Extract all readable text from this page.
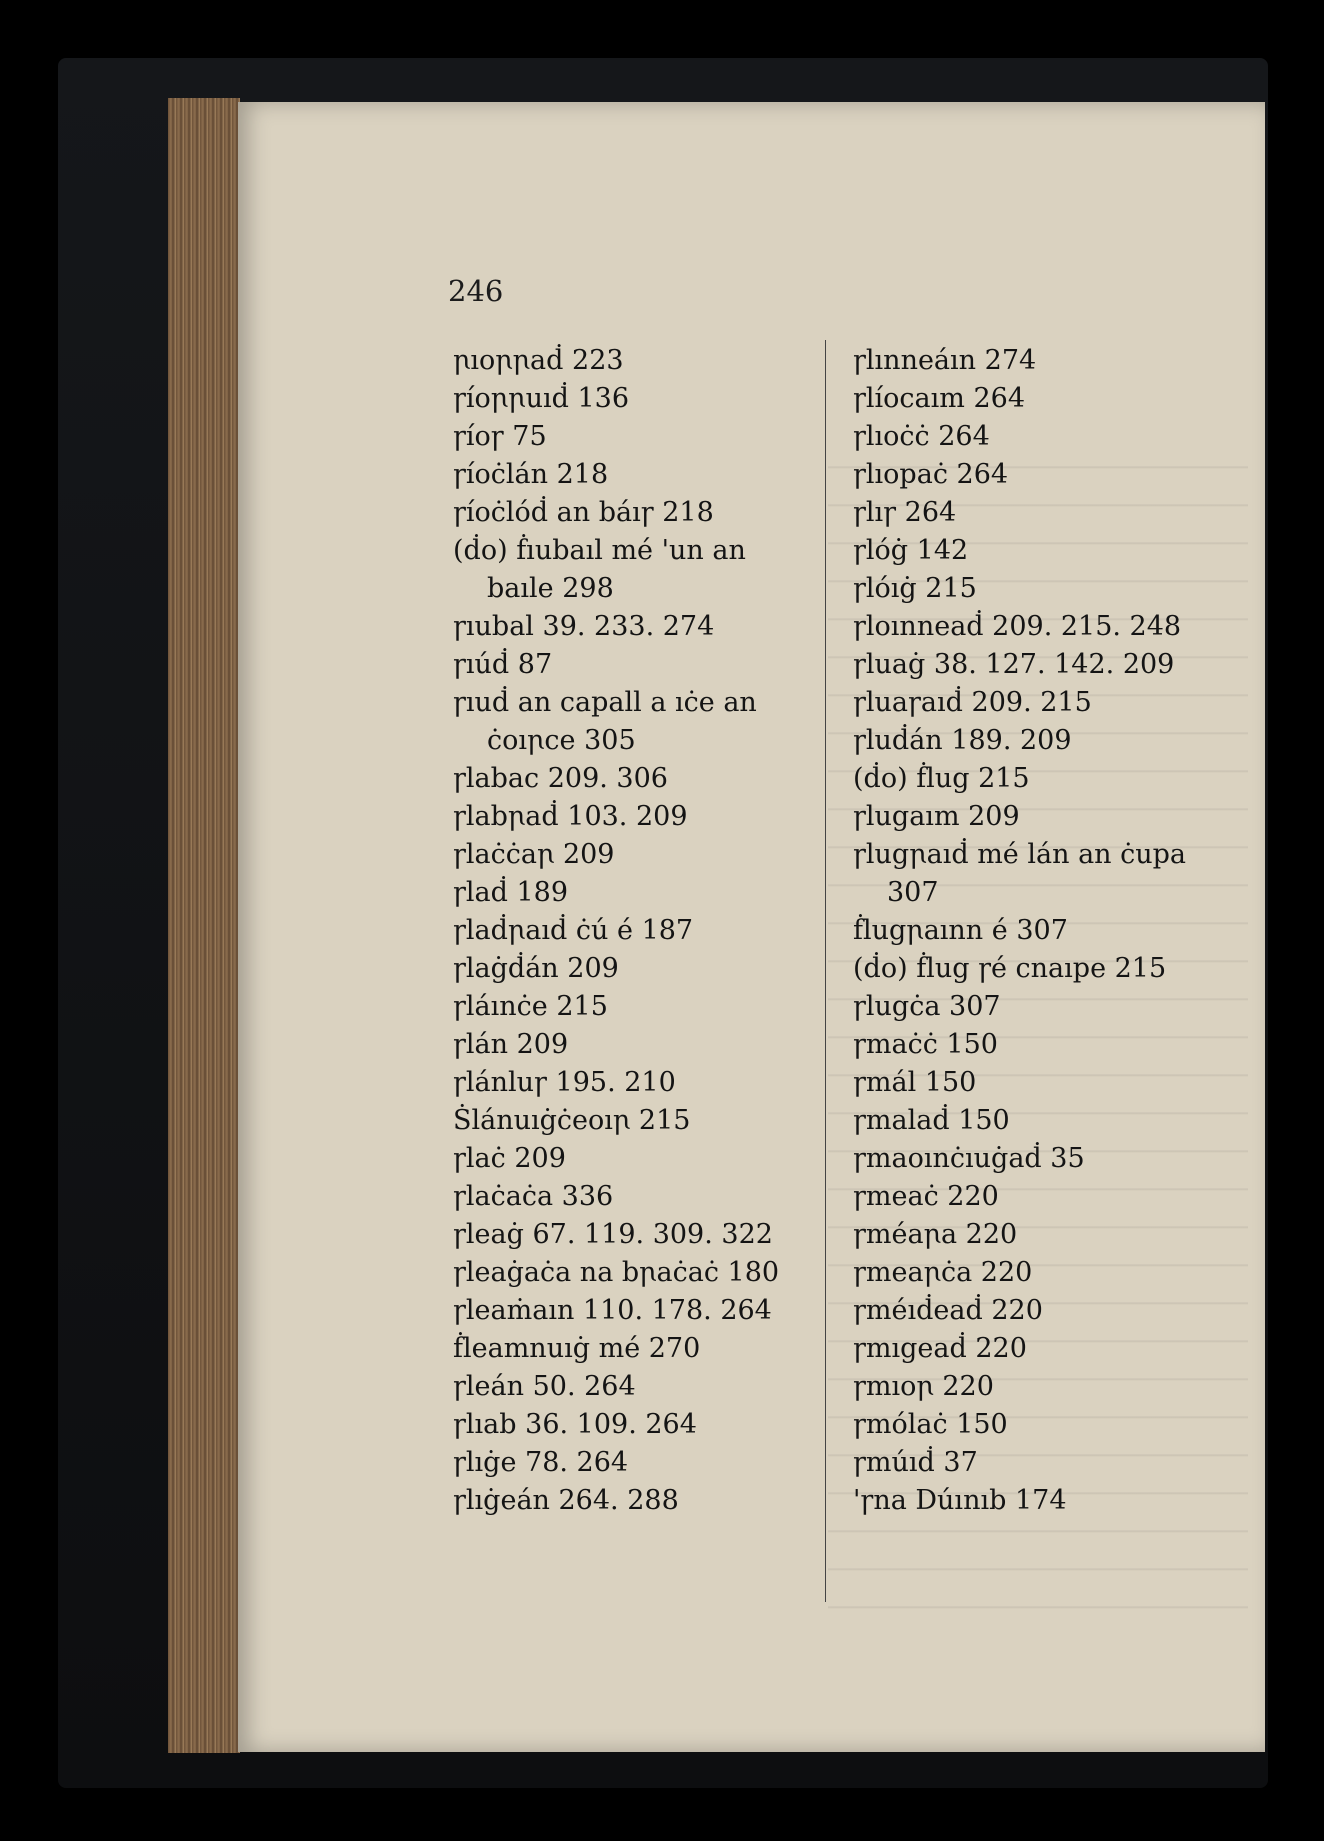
246
ꞃıoꞃꞃaḋ 223
ꞅíoꞃꞃuıḋ 136
ꞅíoꞅ 75
ꞅíoċlán 218
ꞅíoċlóḋ an báıꞅ 218
(ḋo) ḟıubaıl mé 'un an
baıle 298
ꞅıubal 39. 233. 274
ꞅıúḋ 87
ꞅıuḋ an capall a ıċe an
ċoıꞃce 305
ꞅlabac 209. 306
ꞅlabꞃaḋ 103. 209
ꞅlaċċaꞃ 209
ꞅlaḋ 189
ꞅlaḋꞃaıḋ ċú é 187
ꞅlaġḋán 209
ꞅláınċe 215
ꞅlán 209
ꞅlánluꞅ 195. 210
Ṡlánuıġċeoıꞃ 215
ꞅlaċ 209
ꞅlaċaċa 336
ꞅleaġ 67. 119. 309. 322
ꞅleaġaċa na bꞃaċaċ 180
ꞅleaṁaın 110. 178. 264
ḟleamnuıġ mé 270
ꞅleán 50. 264
ꞅlıab 36. 109. 264
ꞅlıġe 78. 264
ꞅlıġeán 264. 288
ꞅlınneáın 274
ꞅlíocaım 264
ꞅlıoċċ 264
ꞅlıopaċ 264
ꞅlıꞅ 264
ꞅlóġ 142
ꞅlóıġ 215
ꞅloınneaḋ 209. 215. 248
ꞅluaġ 38. 127. 142. 209
ꞅluaꞅaıḋ 209. 215
ꞅluḋán 189. 209
(ḋo) ḟlug 215
ꞅlugaım 209
ꞅlugꞃaıḋ mé lán an ċupa
307
ḟlugꞃaınn é 307
(ḋo) ḟlug ꞅé cnaıpe 215
ꞅlugċa 307
ꞅmaċċ 150
ꞅmál 150
ꞅmalaḋ 150
ꞅmaoınċıuġaḋ 35
ꞅmeaċ 220
ꞅméaꞃa 220
ꞅmeaꞃċa 220
ꞅméıḋeaḋ 220
ꞅmıgeaḋ 220
ꞅmıoꞃ 220
ꞅmólaċ 150
ꞅmúıḋ 37
'ꞅna Dúınıb 174
